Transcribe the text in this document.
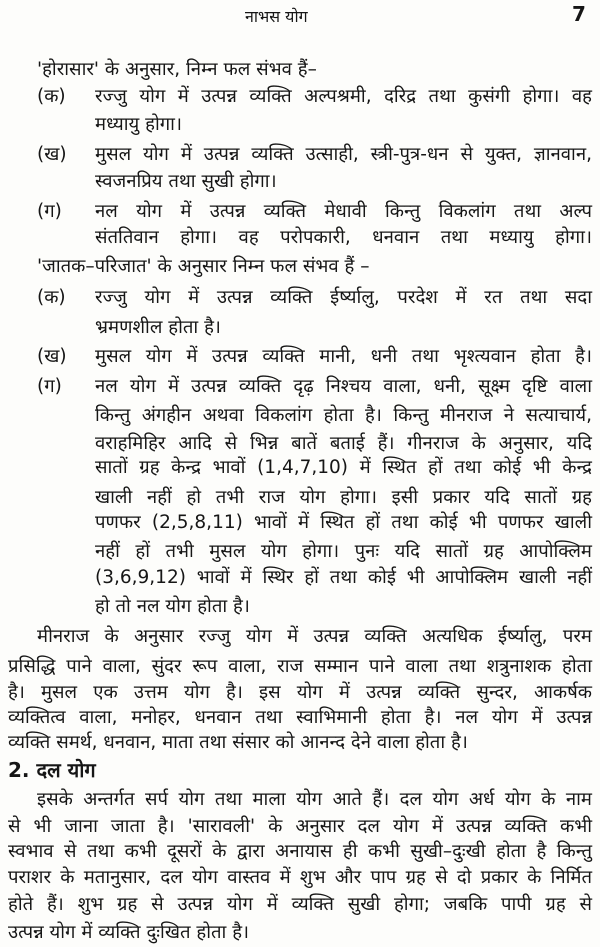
नाभस योग	7
'होरासार' के अनुसार, निम्न फल संभव हैं–
(क) रज्जु योग में उत्पन्न व्यक्ति अल्पश्रमी, दरिद्र तथा कुसंगी होगा। वह
मध्यायु होगा।
(ख) मुसल योग में उत्पन्न व्यक्ति उत्साही, स्त्री-पुत्र-धन से युक्त, ज्ञानवान,
स्वजनप्रिय तथा सुखी होगा।
(ग) नल योग में उत्पन्न व्यक्ति मेधावी किन्तु विकलांग तथा अल्प
संततिवान होगा। वह परोपकारी, धनवान तथा मध्यायु होगा।
'जातक–परिजात' के अनुसार निम्न फल संभव हैं –
(क) रज्जु योग में उत्पन्न व्यक्ति ईर्ष्यालु, परदेश में रत तथा सदा
भ्रमणशील होता है।
(ख) मुसल योग में उत्पन्न व्यक्ति मानी, धनी तथा भृश्त्यवान होता है।
(ग) नल योग में उत्पन्न व्यक्ति दृढ़ निश्चय वाला, धनी, सूक्ष्म दृष्टि वाला
किन्तु अंगहीन अथवा विकलांग होता है। किन्तु मीनराज ने सत्याचार्य,
वराहमिहिर आदि से भिन्न बातें बताई हैं। गीनराज के अनुसार, यदि
सातों ग्रह केन्द्र भावों (1,4,7,10) में स्थित हों तथा कोई भी केन्द्र
खाली नहीं हो तभी राज योग होगा। इसी प्रकार यदि सातों ग्रह
पणफर (2,5,8,11) भावों में स्थित हों तथा कोई भी पणफर खाली
नहीं हों तभी मुसल योग होगा। पुनः यदि सातों ग्रह आपोक्लिम
(3,6,9,12) भावों में स्थिर हों तथा कोई भी आपोक्लिम खाली नहीं
हो तो नल योग होता है।
मीनराज के अनुसार रज्जु योग में उत्पन्न व्यक्ति अत्यधिक ईर्ष्यालु, परम
प्रसिद्धि पाने वाला, सुंदर रूप वाला, राज सम्मान पाने वाला तथा शत्रुनाशक होता
है। मुसल एक उत्तम योग है। इस योग में उत्पन्न व्यक्ति सुन्दर, आकर्षक
व्यक्तित्व वाला, मनोहर, धनवान तथा स्वाभिमानी होता है। नल योग में उत्पन्न
व्यक्ति समर्थ, धनवान, माता तथा संसार को आनन्द देने वाला होता है।
2. दल योग
इसके अन्तर्गत सर्प योग तथा माला योग आते हैं। दल योग अर्ध योग के नाम
से भी जाना जाता है। 'सारावली' के अनुसार दल योग में उत्पन्न व्यक्ति कभी
स्वभाव से तथा कभी दूसरों के द्वारा अनायास ही कभी सुखी–दुःखी होता है किन्तु
पराशर के मतानुसार, दल योग वास्तव में शुभ और पाप ग्रह से दो प्रकार के निर्मित
होते हैं। शुभ ग्रह से उत्पन्न योग में व्यक्ति सुखी होगा; जबकि पापी ग्रह से
उत्पन्न योग में व्यक्ति दुःखित होता है।
